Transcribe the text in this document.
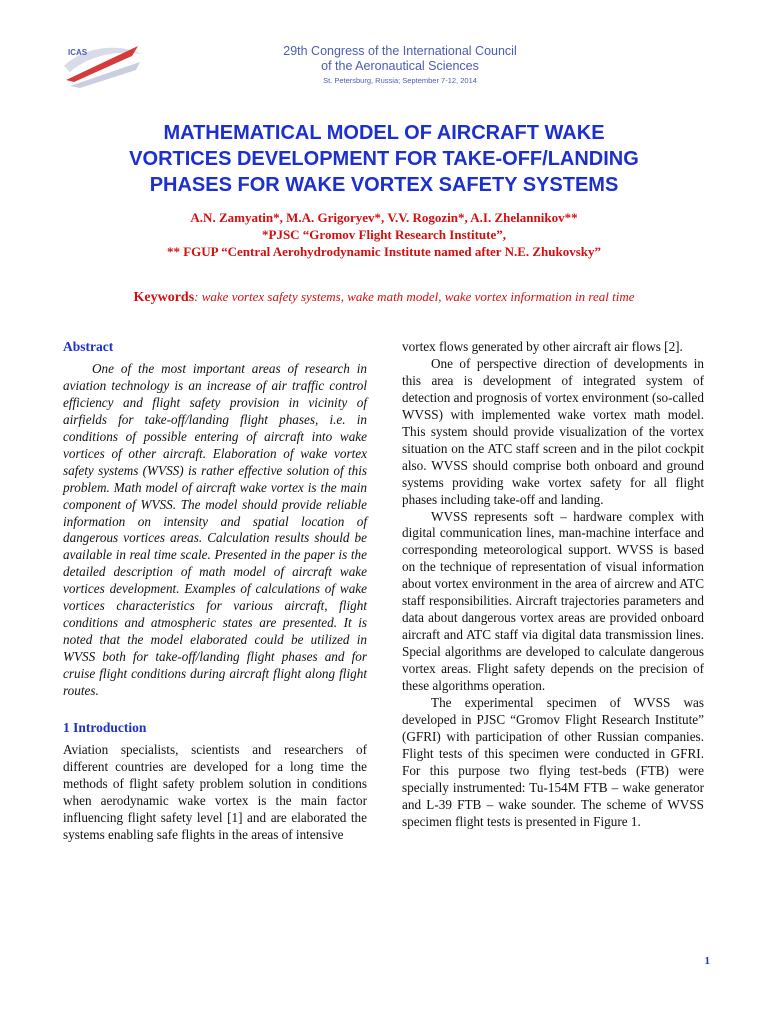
ICAS	29th Congress of the International Council
of the Aeronautical Sciences
St. Petersburg, Russia; September 7-12, 2014
MATHEMATICAL MODEL OF AIRCRAFT WAKE
VORTICES DEVELOPMENT FOR TAKE-OFF/LANDING
PHASES FOR WAKE VORTEX SAFETY SYSTEMS
A.N. Zamyatin*, M.A. Grigoryev*, V.V. Rogozin*, A.I. Zhelannikov**
*PJSC “Gromov Flight Research Institute”,
** FGUP “Central Aerohydrodynamic Institute named after N.E. Zhukovsky”
Keywords: wake vortex safety systems, wake math model, wake vortex information in real time
Abstract

One of the most important areas of research in aviation technology is an increase of air traffic control efficiency and flight safety provision in vicinity of airfields for take-off/landing flight phases, i.e. in conditions of possible entering of aircraft into wake vortices of other aircraft. Elaboration of wake vortex safety systems (WVSS) is rather effective solution of this problem. Math model of aircraft wake vortex is the main component of WVSS. The model should provide reliable information on intensity and spatial location of dangerous vortices areas. Calculation results should be available in real time scale. Presented in the paper is the detailed description of math model of aircraft wake vortices development. Examples of calculations of wake vortices characteristics for various aircraft, flight conditions and atmospheric states are presented. It is noted that the model elaborated could be utilized in WVSS both for take-off/landing flight phases and for cruise flight conditions during aircraft flight along flight routes.

1 Introduction

Aviation specialists, scientists and researchers of different countries are developed for a long time the methods of flight safety problem solution in conditions when aerodynamic wake vortex is the main factor influencing flight safety level [1] and are elaborated the systems enabling safe flights in the areas of intensive

vortex flows generated by other aircraft air flows [2].

One of perspective direction of developments in this area is development of integrated system of detection and prognosis of vortex environment (so-called WVSS) with implemented wake vortex math model. This system should provide visualization of the vortex situation on the ATC staff screen and in the pilot cockpit also. WVSS should comprise both onboard and ground systems providing wake vortex safety for all flight phases including take-off and landing.

WVSS represents soft – hardware complex with digital communication lines, man-machine interface and corresponding meteorological support. WVSS is based on the technique of representation of visual information about vortex environment in the area of aircrew and ATC staff responsibilities. Aircraft trajectories parameters and data about dangerous vortex areas are provided onboard aircraft and ATC staff via digital data transmission lines. Special algorithms are developed to calculate dangerous vortex areas. Flight safety depends on the precision of these algorithms operation.

The experimental specimen of WVSS was developed in PJSC “Gromov Flight Research Institute” (GFRI) with participation of other Russian companies. Flight tests of this specimen were conducted in GFRI. For this purpose two flying test-beds (FTB) were specially instrumented: Tu-154M FTB – wake generator and L-39 FTB – wake sounder. The scheme of WVSS specimen flight tests is presented in Figure 1.

1
